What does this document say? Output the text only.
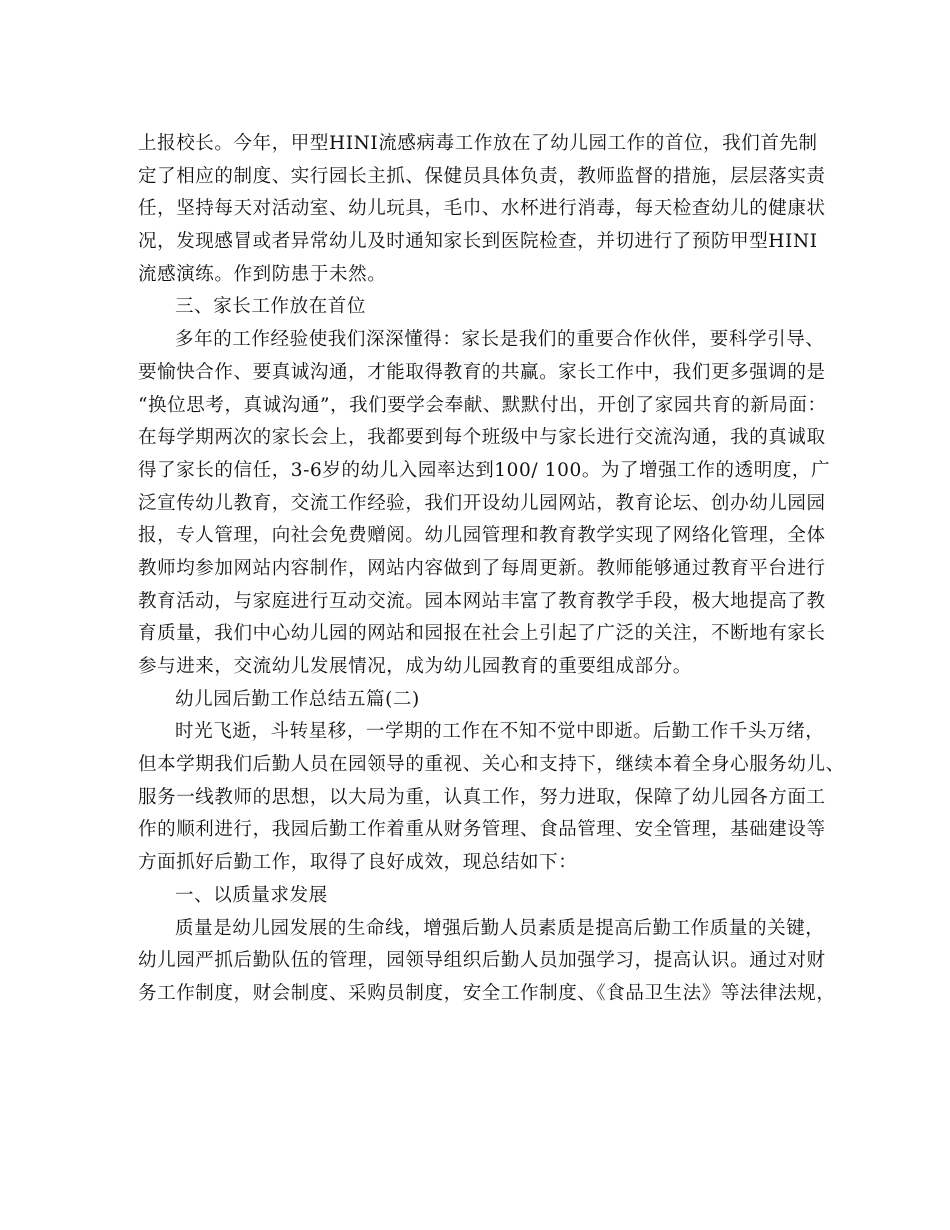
上报校长。今年，甲型HINI流感病毒工作放在了幼儿园工作的首位，我们首先制
定了相应的制度、实行园长主抓、保健员具体负责，教师监督的措施，层层落实责
任，坚持每天对活动室、幼儿玩具，毛巾、水杯进行消毒，每天检查幼儿的健康状
况，发现感冒或者异常幼儿及时通知家长到医院检查，并切进行了预防甲型HINI
流感演练。作到防患于未然。
三、家长工作放在首位
多年的工作经验使我们深深懂得：家长是我们的重要合作伙伴，要科学引导、
要愉快合作、要真诚沟通，才能取得教育的共赢。家长工作中，我们更多强调的是
“换位思考，真诚沟通”，我们要学会奉献、默默付出，开创了家园共育的新局面：
在每学期两次的家长会上，我都要到每个班级中与家长进行交流沟通，我的真诚取
得了家长的信任，3-6岁的幼儿入园率达到100/ 100。为了增强工作的透明度，广
泛宣传幼儿教育，交流工作经验，我们开设幼儿园网站，教育论坛、创办幼儿园园
报，专人管理，向社会免费赠阅。幼儿园管理和教育教学实现了网络化管理，全体
教师均参加网站内容制作，网站内容做到了每周更新。教师能够通过教育平台进行
教育活动，与家庭进行互动交流。园本网站丰富了教育教学手段，极大地提高了教
育质量，我们中心幼儿园的网站和园报在社会上引起了广泛的关注，不断地有家长
参与进来，交流幼儿发展情况，成为幼儿园教育的重要组成部分。
幼儿园后勤工作总结五篇(二)
时光飞逝，斗转星移，一学期的工作在不知不觉中即逝。后勤工作千头万绪，
但本学期我们后勤人员在园领导的重视、关心和支持下，继续本着全身心服务幼儿、
服务一线教师的思想，以大局为重，认真工作，努力进取，保障了幼儿园各方面工
作的顺利进行，我园后勤工作着重从财务管理、食品管理、安全管理，基础建设等
方面抓好后勤工作，取得了良好成效，现总结如下：
一、以质量求发展
质量是幼儿园发展的生命线，增强后勤人员素质是提高后勤工作质量的关键，
幼儿园严抓后勤队伍的管理，园领导组织后勤人员加强学习，提高认识。通过对财
务工作制度，财会制度、采购员制度，安全工作制度、《食品卫生法》等法律法规，
